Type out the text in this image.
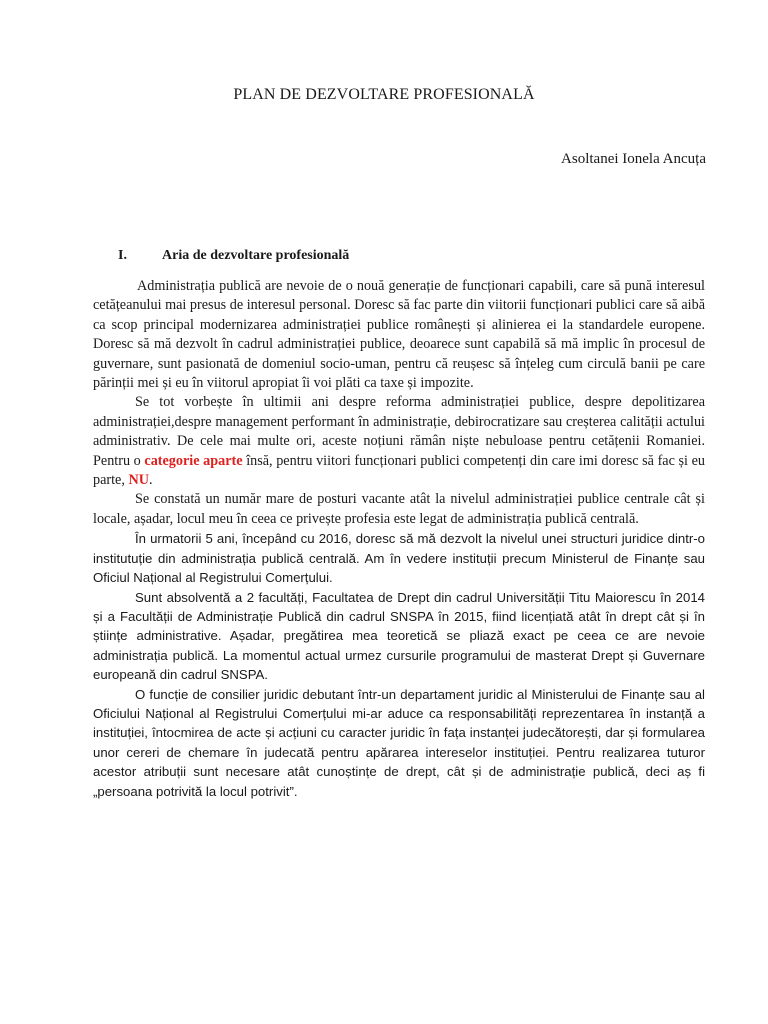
PLAN DE DEZVOLTARE PROFESIONALĂ
Asoltanei Ionela Ancuța
I.	Aria de dezvoltare profesională

Administrația publică are nevoie de o nouă generație de funcționari capabili, care să pună interesul cetățeanului mai presus de interesul personal. Doresc să fac parte din viitorii funcționari publici care să aibă ca scop principal modernizarea administrației publice românești și alinierea ei la standardele europene. Doresc să mă dezvolt în cadrul administrației publice, deoarece sunt capabilă să mă implic în procesul de guvernare, sunt pasionată de domeniul socio-uman, pentru că reușesc să înțeleg cum circulă banii pe care părinții mei și eu în viitorul apropiat îi voi plăti ca taxe și impozite.

Se tot vorbește în ultimii ani despre reforma administrației publice, despre depolitizarea administrației,despre management performant în administrație, debirocratizare sau creșterea calității actului administrativ. De cele mai multe ori, aceste noțiuni rămân niște nebuloase pentru cetățenii Romaniei. Pentru o categorie aparte însă, pentru viitori funcționari publici competenți din care imi doresc să fac și eu parte, NU.

Se constată un număr mare de posturi vacante atât la nivelul administrației publice centrale cât și locale, așadar, locul meu în ceea ce privește profesia este legat de administrația publică centrală.

În urmatorii 5 ani, începând cu 2016, doresc să mă dezvolt la nivelul unei structuri juridice dintr-o institutuție din administrația publică centrală. Am în vedere instituții precum Ministerul de Finanțe sau Oficiul Național al Registrului Comerțului.

Sunt absolventă a 2 facultăți, Facultatea de Drept din cadrul Universității Titu Maiorescu în 2014 și a Facultății de Administrație Publică din cadrul SNSPA în 2015, fiind licențiată atât în drept cât și în științe administrative. Așadar, pregătirea mea teoretică se pliază exact pe ceea ce are nevoie administrația publică. La momentul actual urmez cursurile programului de masterat Drept și Guvernare europeană din cadrul SNSPA.

O funcție de consilier juridic debutant într-un departament juridic al Ministerului de Finanțe sau al Oficiului Național al Registrului Comerțului mi-ar aduce ca responsabilități reprezentarea în instanță a instituției, întocmirea de acte și acțiuni cu caracter juridic în fața instanței judecătorești, dar și formularea unor cereri de chemare în judecată pentru apărarea intereselor instituției. Pentru realizarea tuturor acestor atribuții sunt necesare atât cunoștințe de drept, cât și de administrație publică, deci aș fi „persoana potrivită la locul potrivit”.
